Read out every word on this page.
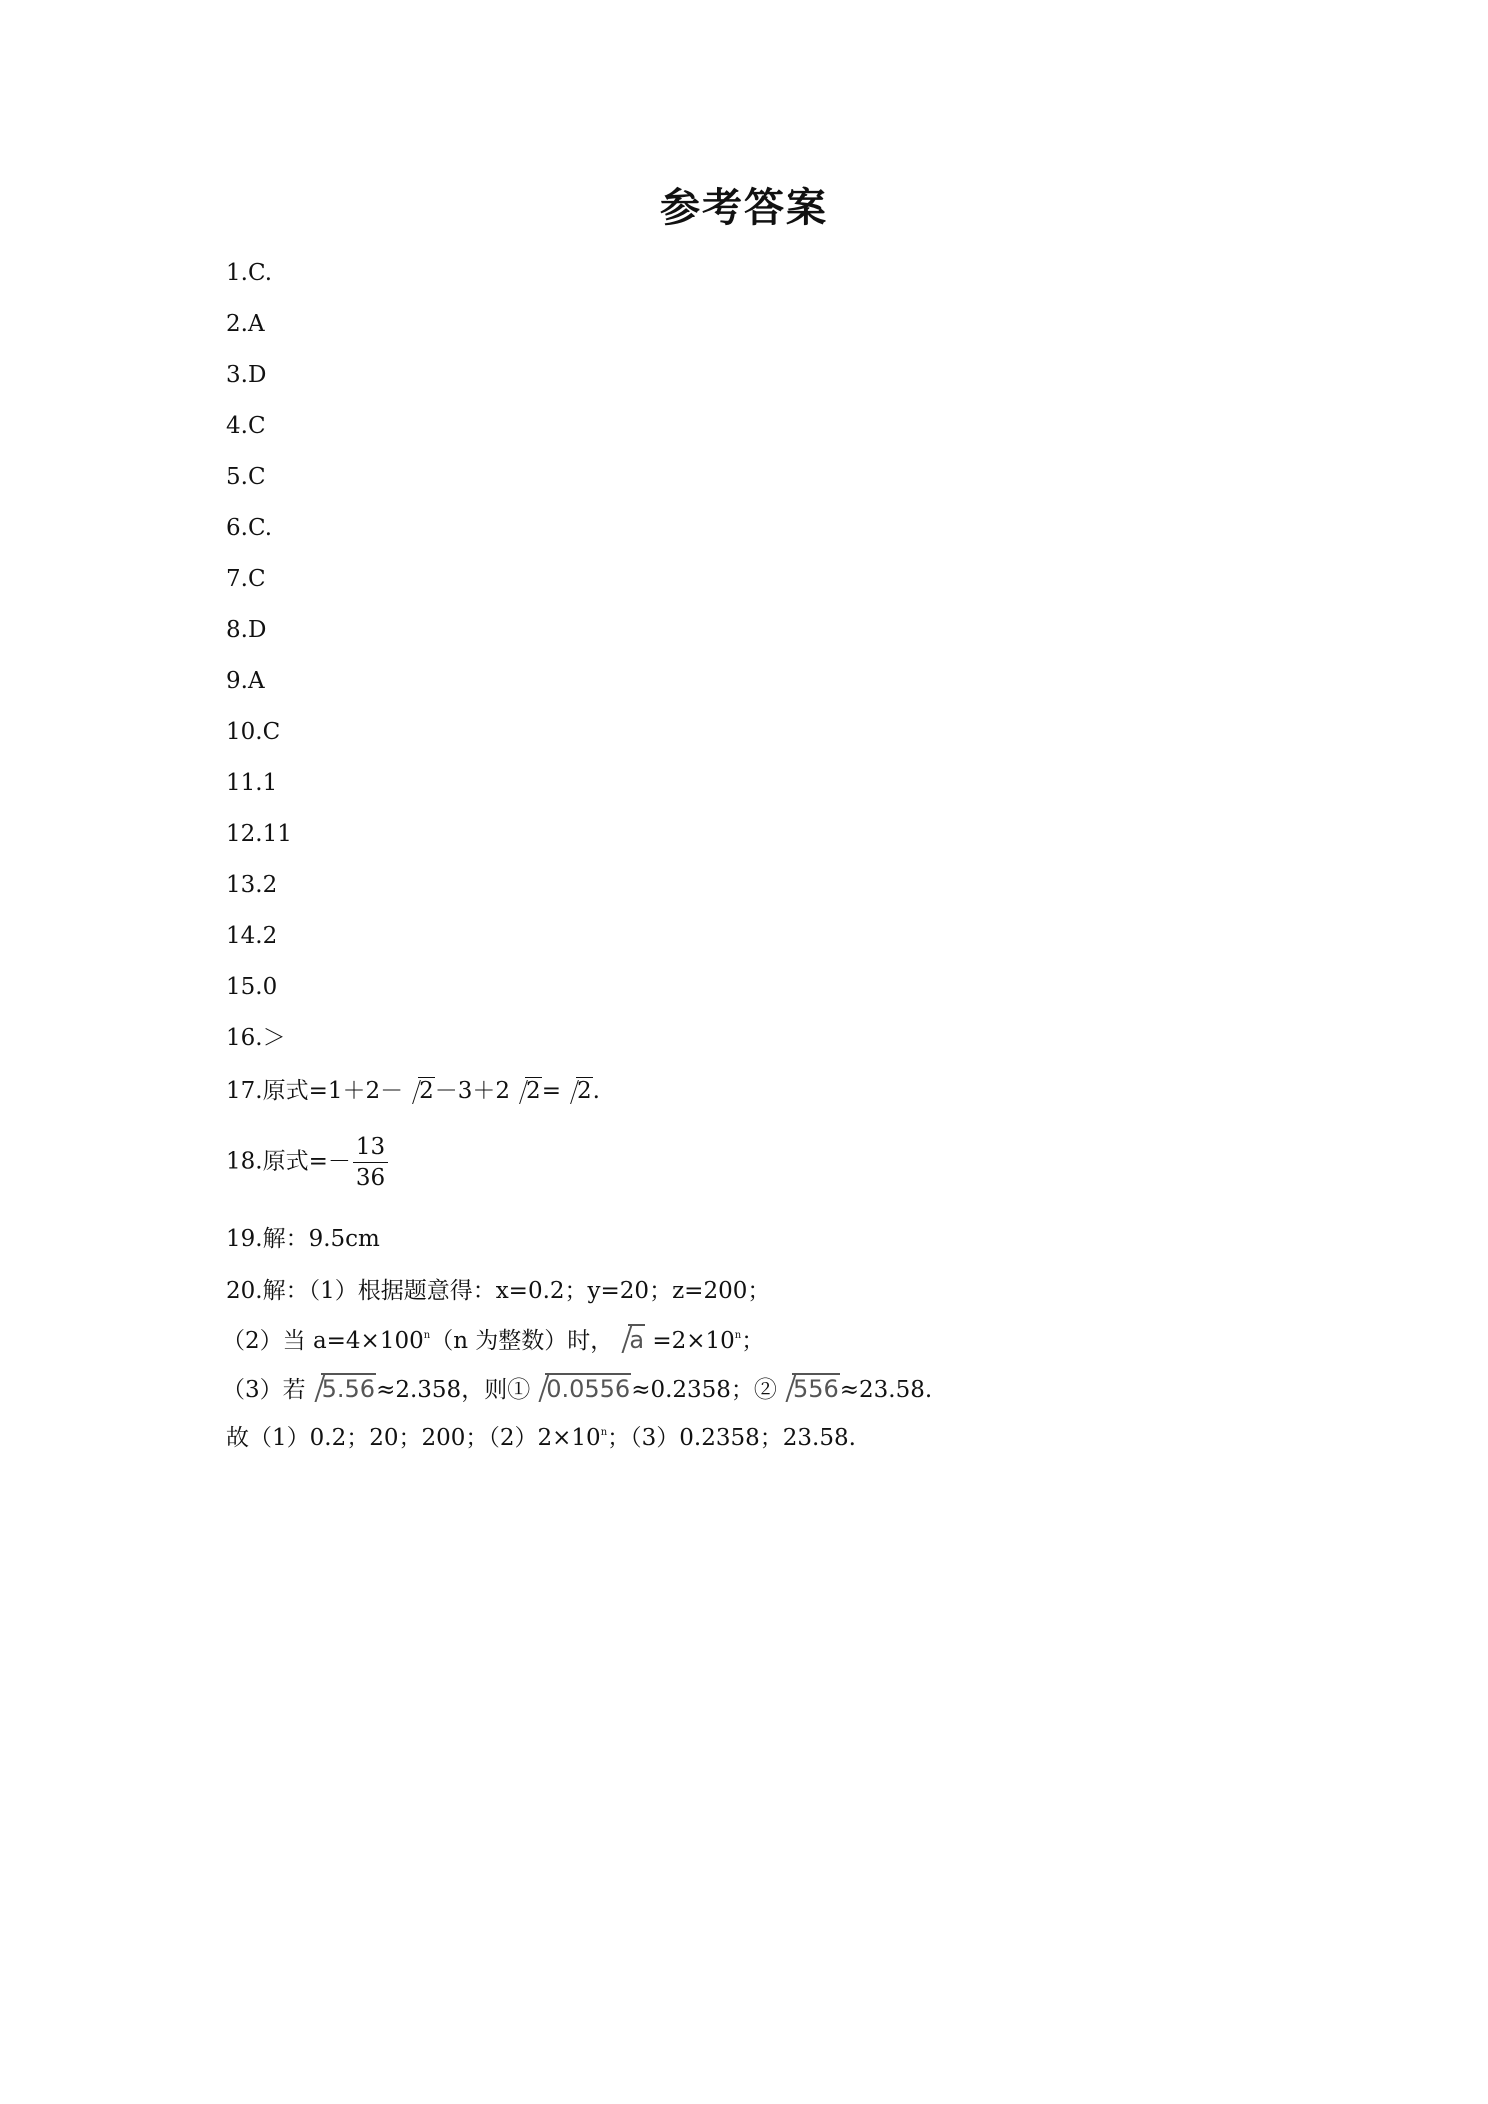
参考答案
1.C.
2.A
3.D
4.C
5.C
6.C.
7.C
8.D
9.A
10.C
11.1
12.11
13.2
14.2
15.0
16.＞
17.原式=1＋2－ 2－3＋2 2= 2.
18.原式=－ $\frac{13}{36}$
19.解：9.5cm
20.解：（1）根据题意得：x=0.2；y=20；z=200；
（2）当 $a=4\times 100^n(n$ 为整数）时， $a =2\times 10^n$；
（3）若 5.56≈2.358，则① 0.0556≈0.2358；② 556≈23.58.
故（1）0.2；20；200；$(2)2\times 10^n$；（3）0.2358；23.58.
